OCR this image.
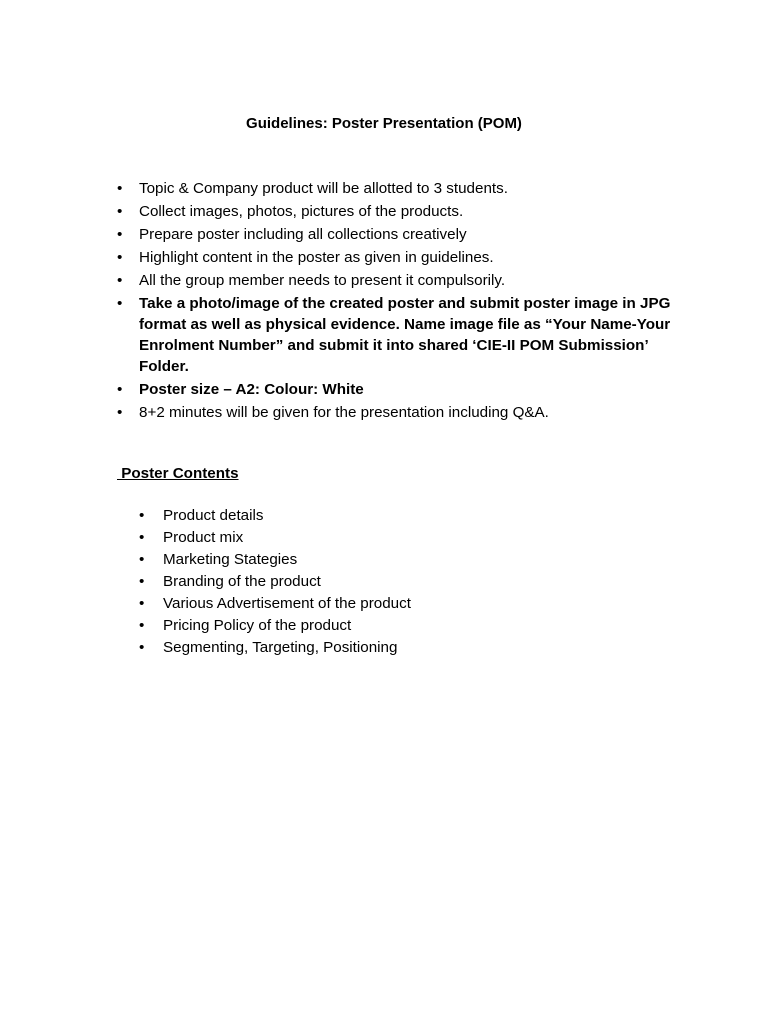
Guidelines: Poster Presentation (POM)
•	Topic & Company product will be allotted to 3 students.
•	Collect images, photos, pictures of the products.
•	Prepare poster including all collections creatively
•	Highlight content in the poster as given in guidelines.
•	All the group member needs to present it compulsorily.
•	Take a photo/image of the created poster and submit poster image in JPG format as well as physical evidence. Name image file as “Your Name-Your Enrolment Number” and submit it into shared ‘CIE-II POM Submission’ Folder.
•	Poster size – A2: Colour: White
•	8+2 minutes will be given for the presentation including Q&A.
Poster Contents
•	Product details
•	Product mix
•	Marketing Stategies
•	Branding of the product
•	Various Advertisement of the product
•	Pricing Policy of the product
•	Segmenting, Targeting, Positioning
